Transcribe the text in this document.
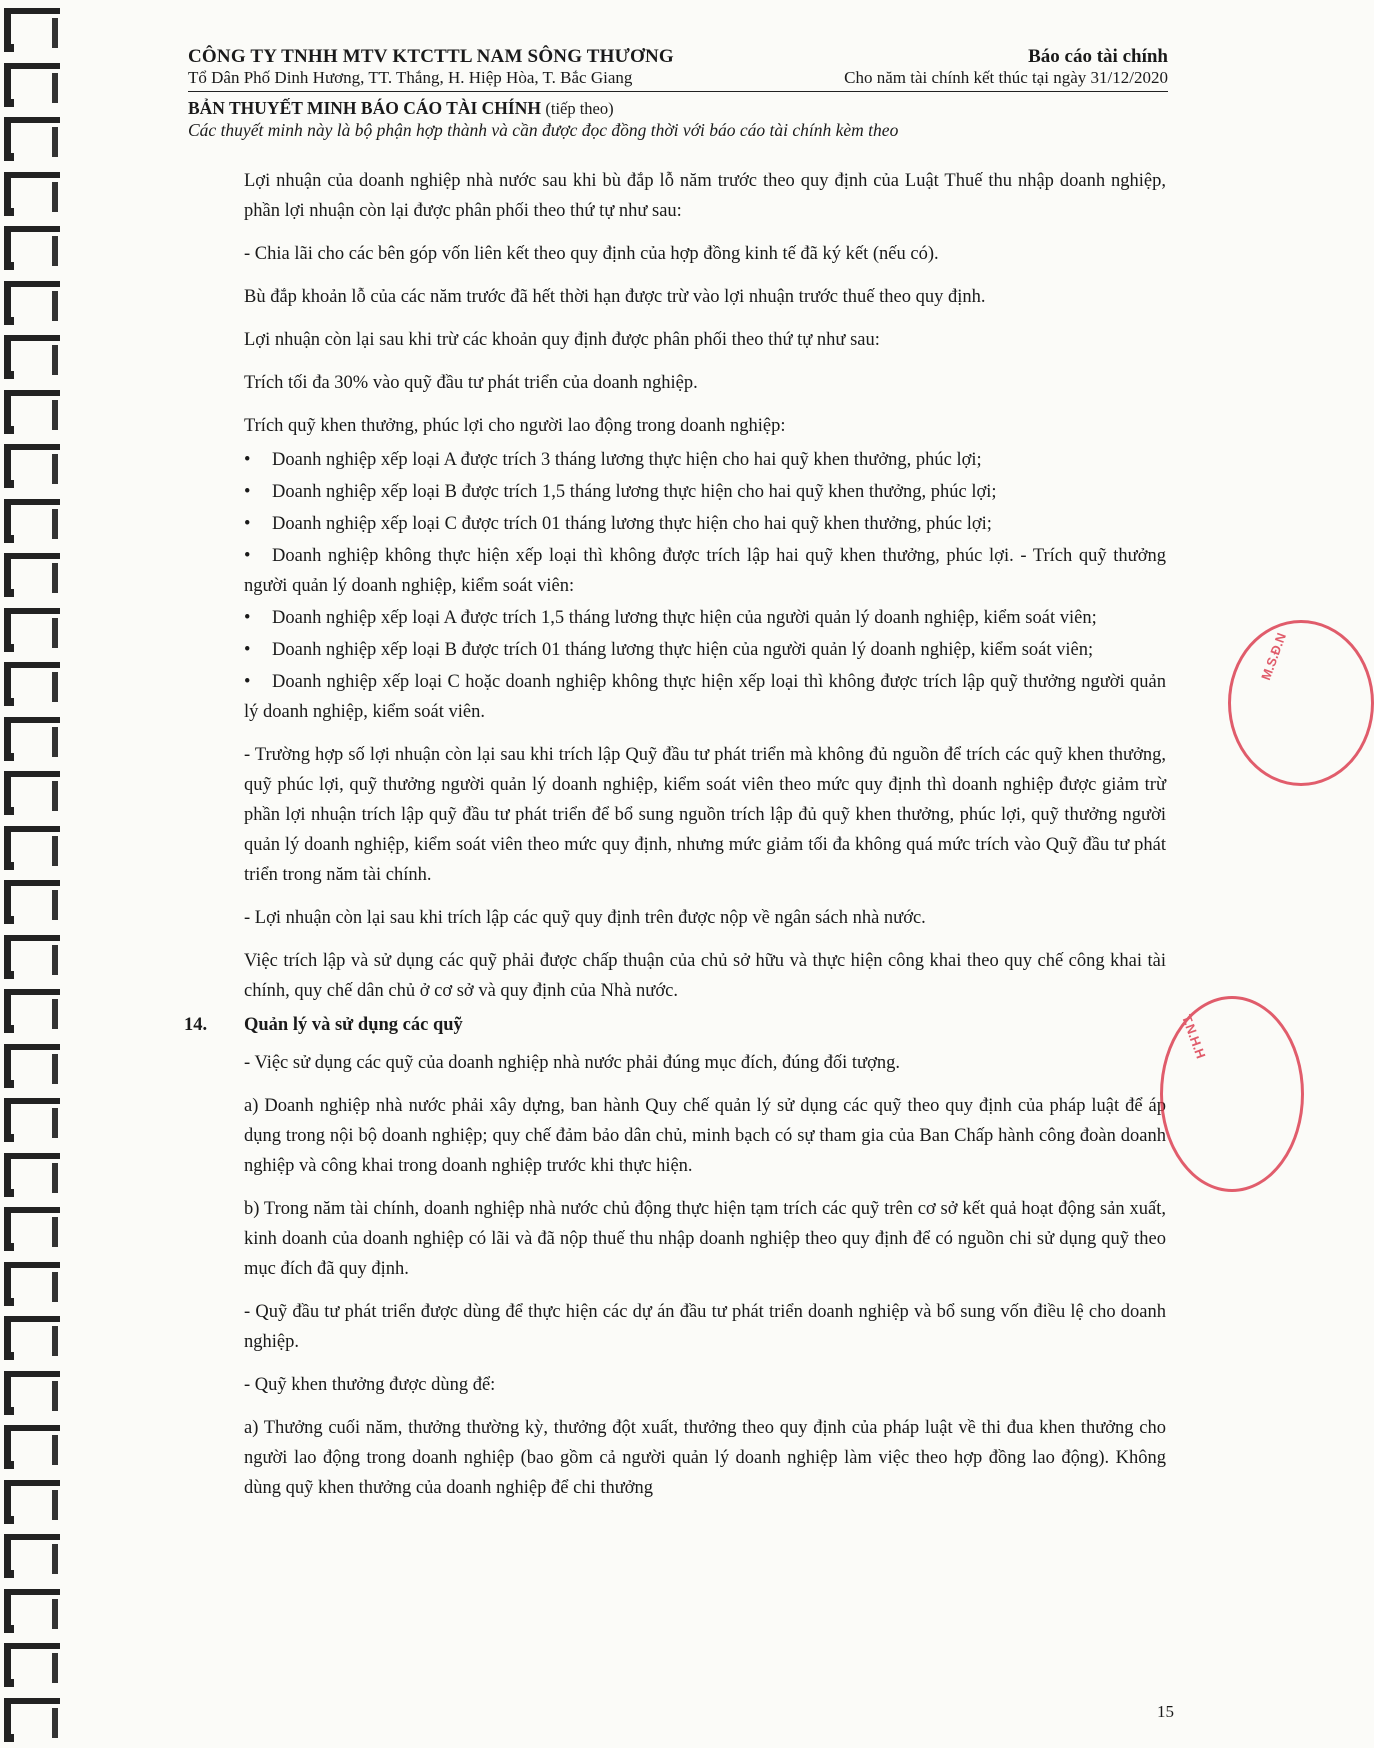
CÔNG TY TNHH MTV KTCTTL NAM SÔNG THƯƠNG	Báo cáo tài chính
Tổ Dân Phố Dinh Hương, TT. Thắng, H. Hiệp Hòa, T. Bắc Giang	Cho năm tài chính kết thúc tại ngày 31/12/2020
BẢN THUYẾT MINH BÁO CÁO TÀI CHÍNH (tiếp theo)
Các thuyết minh này là bộ phận hợp thành và cần được đọc đồng thời với báo cáo tài chính kèm theo

Lợi nhuận của doanh nghiệp nhà nước sau khi bù đắp lỗ năm trước theo quy định của Luật Thuế thu nhập doanh nghiệp, phần lợi nhuận còn lại được phân phối theo thứ tự như sau:

- Chia lãi cho các bên góp vốn liên kết theo quy định của hợp đồng kinh tế đã ký kết (nếu có).

Bù đắp khoản lỗ của các năm trước đã hết thời hạn được trừ vào lợi nhuận trước thuế theo quy định.

Lợi nhuận còn lại sau khi trừ các khoản quy định được phân phối theo thứ tự như sau:

Trích tối đa 30% vào quỹ đầu tư phát triển của doanh nghiệp.

Trích quỹ khen thưởng, phúc lợi cho người lao động trong doanh nghiệp:

• Doanh nghiệp xếp loại A được trích 3 tháng lương thực hiện cho hai quỹ khen thưởng, phúc lợi;
• Doanh nghiệp xếp loại B được trích 1,5 tháng lương thực hiện cho hai quỹ khen thưởng, phúc lợi;
• Doanh nghiệp xếp loại C được trích 01 tháng lương thực hiện cho hai quỹ khen thưởng, phúc lợi;
• Doanh nghiệp không thực hiện xếp loại thì không được trích lập hai quỹ khen thưởng, phúc lợi. - Trích quỹ thưởng người quản lý doanh nghiệp, kiểm soát viên:
• Doanh nghiệp xếp loại A được trích 1,5 tháng lương thực hiện của người quản lý doanh nghiệp, kiểm soát viên;
• Doanh nghiệp xếp loại B được trích 01 tháng lương thực hiện của người quản lý doanh nghiệp, kiểm soát viên;
• Doanh nghiệp xếp loại C hoặc doanh nghiệp không thực hiện xếp loại thì không được trích lập quỹ thưởng người quản lý doanh nghiệp, kiểm soát viên.

- Trường hợp số lợi nhuận còn lại sau khi trích lập Quỹ đầu tư phát triển mà không đủ nguồn để trích các quỹ khen thưởng, quỹ phúc lợi, quỹ thưởng người quản lý doanh nghiệp, kiểm soát viên theo mức quy định thì doanh nghiệp được giảm trừ phần lợi nhuận trích lập quỹ đầu tư phát triển để bổ sung nguồn trích lập đủ quỹ khen thưởng, phúc lợi, quỹ thưởng người quản lý doanh nghiệp, kiểm soát viên theo mức quy định, nhưng mức giảm tối đa không quá mức trích vào Quỹ đầu tư phát triển trong năm tài chính.

- Lợi nhuận còn lại sau khi trích lập các quỹ quy định trên được nộp về ngân sách nhà nước.

Việc trích lập và sử dụng các quỹ phải được chấp thuận của chủ sở hữu và thực hiện công khai theo quy chế công khai tài chính, quy chế dân chủ ở cơ sở và quy định của Nhà nước.

14.	Quản lý và sử dụng các quỹ

- Việc sử dụng các quỹ của doanh nghiệp nhà nước phải đúng mục đích, đúng đối tượng.

a) Doanh nghiệp nhà nước phải xây dựng, ban hành Quy chế quản lý sử dụng các quỹ theo quy định của pháp luật để áp dụng trong nội bộ doanh nghiệp; quy chế đảm bảo dân chủ, minh bạch có sự tham gia của Ban Chấp hành công đoàn doanh nghiệp và công khai trong doanh nghiệp trước khi thực hiện.

b) Trong năm tài chính, doanh nghiệp nhà nước chủ động thực hiện tạm trích các quỹ trên cơ sở kết quả hoạt động sản xuất, kinh doanh của doanh nghiệp có lãi và đã nộp thuế thu nhập doanh nghiệp theo quy định để có nguồn chi sử dụng quỹ theo mục đích đã quy định.

- Quỹ đầu tư phát triển được dùng để thực hiện các dự án đầu tư phát triển doanh nghiệp và bổ sung vốn điều lệ cho doanh nghiệp.

- Quỹ khen thưởng được dùng để:

a) Thưởng cuối năm, thưởng thường kỳ, thưởng đột xuất, thưởng theo quy định của pháp luật về thi đua khen thưởng cho người lao động trong doanh nghiệp (bao gồm cả người quản lý doanh nghiệp làm việc theo hợp đồng lao động). Không dùng quỹ khen thưởng của doanh nghiệp để chi thưởng

M.S.Đ.N
T.N.H.H
15
